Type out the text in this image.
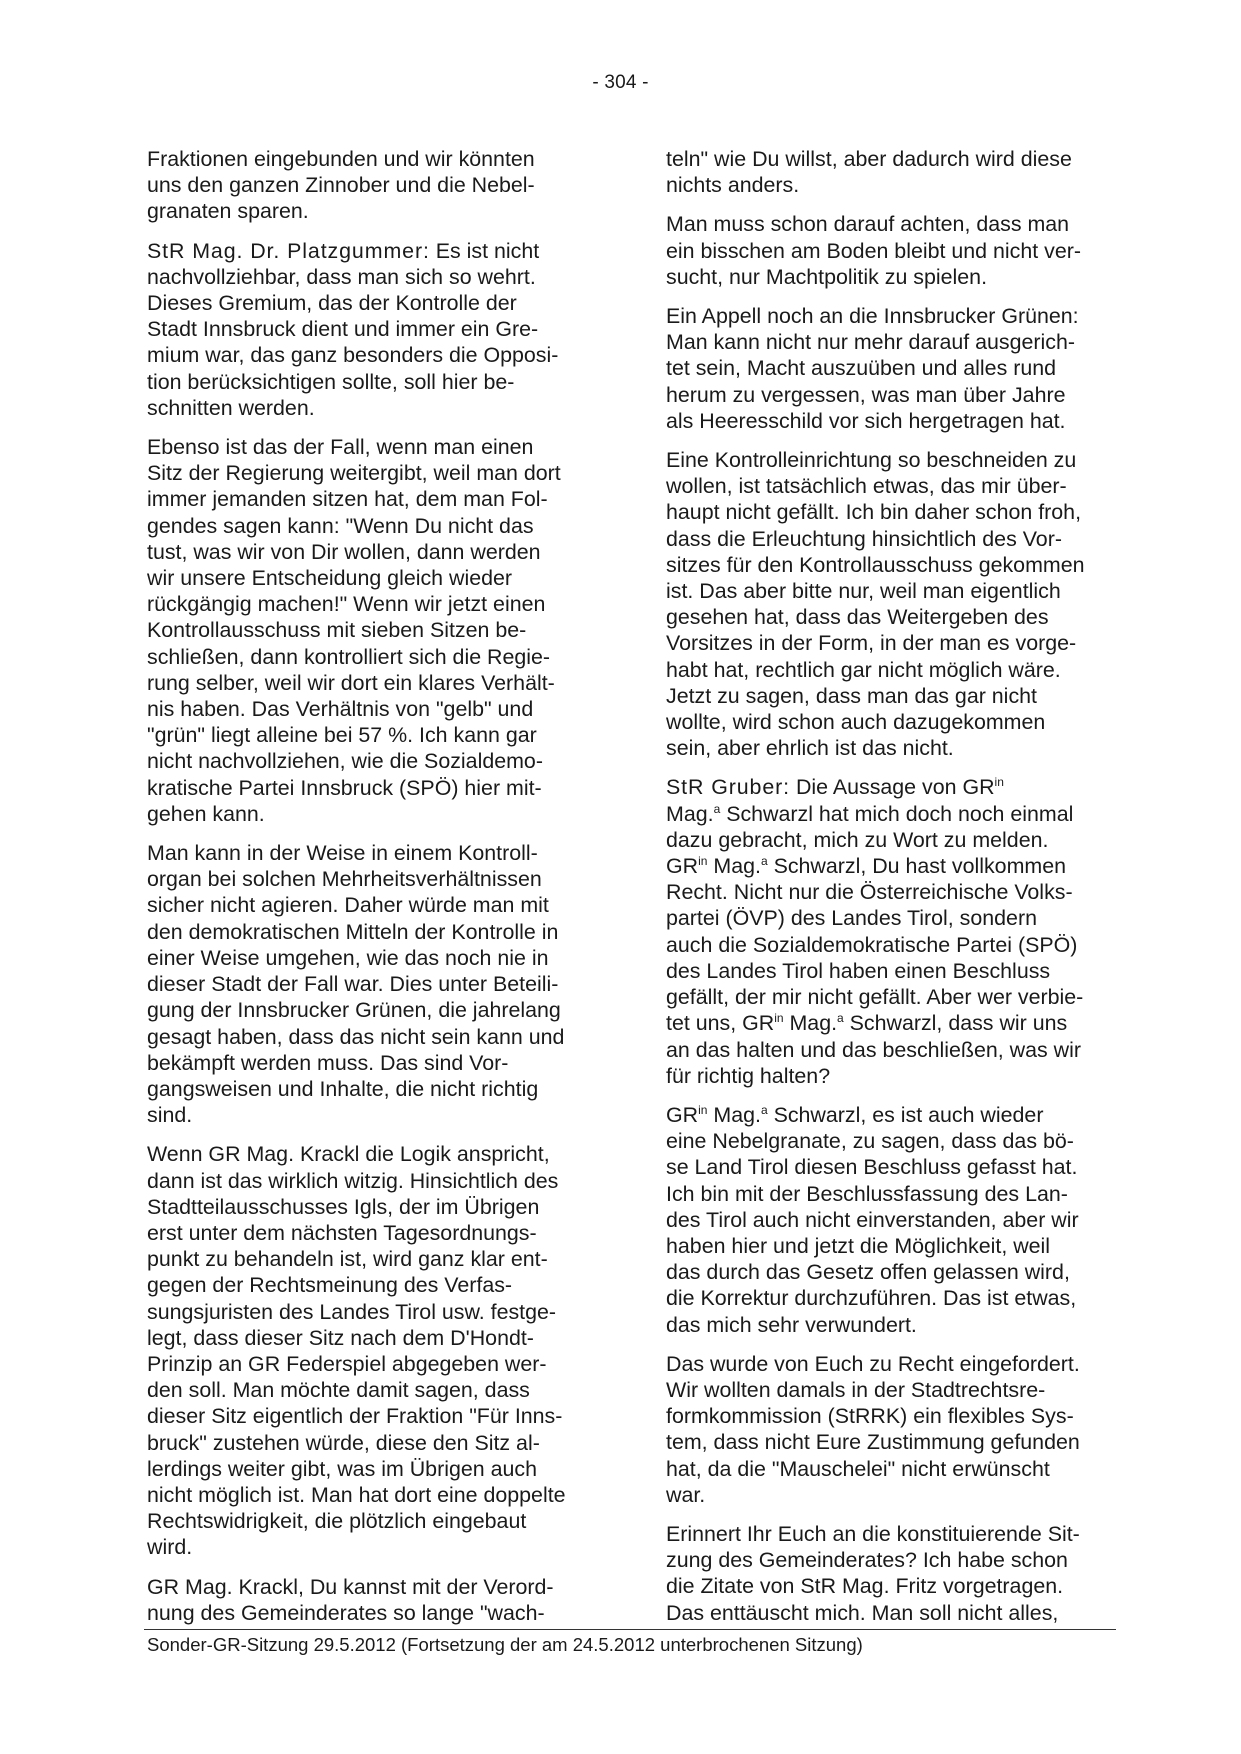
- 304 -

Fraktionen eingebunden und wir könnten
uns den ganzen Zinnober und die Nebel-
granaten sparen.

StR Mag. Dr. Platzgummer: Es ist nicht
nachvollziehbar, dass man sich so wehrt.
Dieses Gremium, das der Kontrolle der
Stadt Innsbruck dient und immer ein Gre-
mium war, das ganz besonders die Opposi-
tion berücksichtigen sollte, soll hier be-
schnitten werden.

Ebenso ist das der Fall, wenn man einen
Sitz der Regierung weitergibt, weil man dort
immer jemanden sitzen hat, dem man Fol-
gendes sagen kann: "Wenn Du nicht das
tust, was wir von Dir wollen, dann werden
wir unsere Entscheidung gleich wieder
rückgängig machen!" Wenn wir jetzt einen
Kontrollausschuss mit sieben Sitzen be-
schließen, dann kontrolliert sich die Regie-
rung selber, weil wir dort ein klares Verhält-
nis haben. Das Verhältnis von "gelb" und
"grün" liegt alleine bei 57 %. Ich kann gar
nicht nachvollziehen, wie die Sozialdemo-
kratische Partei Innsbruck (SPÖ) hier mit-
gehen kann.

Man kann in der Weise in einem Kontroll-
organ bei solchen Mehrheitsverhältnissen
sicher nicht agieren. Daher würde man mit
den demokratischen Mitteln der Kontrolle in
einer Weise umgehen, wie das noch nie in
dieser Stadt der Fall war. Dies unter Beteili-
gung der Innsbrucker Grünen, die jahrelang
gesagt haben, dass das nicht sein kann und
bekämpft werden muss. Das sind Vor-
gangsweisen und Inhalte, die nicht richtig
sind.

Wenn GR Mag. Krackl die Logik anspricht,
dann ist das wirklich witzig. Hinsichtlich des
Stadtteilausschusses Igls, der im Übrigen
erst unter dem nächsten Tagesordnungs-
punkt zu behandeln ist, wird ganz klar ent-
gegen der Rechtsmeinung des Verfas-
sungsjuristen des Landes Tirol usw. festge-
legt, dass dieser Sitz nach dem D'Hondt-
Prinzip an GR Federspiel abgegeben wer-
den soll. Man möchte damit sagen, dass
dieser Sitz eigentlich der Fraktion "Für Inns-
bruck" zustehen würde, diese den Sitz al-
lerdings weiter gibt, was im Übrigen auch
nicht möglich ist. Man hat dort eine doppelte
Rechtswidrigkeit, die plötzlich eingebaut
wird.

GR Mag. Krackl, Du kannst mit der Verord-
nung des Gemeinderates so lange "wach-

teln" wie Du willst, aber dadurch wird diese
nichts anders.

Man muss schon darauf achten, dass man
ein bisschen am Boden bleibt und nicht ver-
sucht, nur Machtpolitik zu spielen.

Ein Appell noch an die Innsbrucker Grünen:
Man kann nicht nur mehr darauf ausgerich-
tet sein, Macht auszuüben und alles rund
herum zu vergessen, was man über Jahre
als Heeresschild vor sich hergetragen hat.

Eine Kontrolleinrichtung so beschneiden zu
wollen, ist tatsächlich etwas, das mir über-
haupt nicht gefällt. Ich bin daher schon froh,
dass die Erleuchtung hinsichtlich des Vor-
sitzes für den Kontrollausschuss gekommen
ist. Das aber bitte nur, weil man eigentlich
gesehen hat, dass das Weitergeben des
Vorsitzes in der Form, in der man es vorge-
habt hat, rechtlich gar nicht möglich wäre.
Jetzt zu sagen, dass man das gar nicht
wollte, wird schon auch dazugekommen
sein, aber ehrlich ist das nicht.

StR Gruber: Die Aussage von $GR^{in}$
Mag.$^a$ Schwarzl hat mich doch noch einmal
dazu gebracht, mich zu Wort zu melden.
$GR^{in}$ Mag.$^a$ Schwarzl, Du hast vollkommen
Recht. Nicht nur die Österreichische Volks-
partei (ÖVP) des Landes Tirol, sondern
auch die Sozialdemokratische Partei (SPÖ)
des Landes Tirol haben einen Beschluss
gefällt, der mir nicht gefällt. Aber wer verbie-
tet uns, $GR^{in}$ Mag.$^a$ Schwarzl, dass wir uns
an das halten und das beschließen, was wir
für richtig halten?

$GR^{in}$ Mag.$^a$ Schwarzl, es ist auch wieder
eine Nebelgranate, zu sagen, dass das bö-
se Land Tirol diesen Beschluss gefasst hat.
Ich bin mit der Beschlussfassung des Lan-
des Tirol auch nicht einverstanden, aber wir
haben hier und jetzt die Möglichkeit, weil
das durch das Gesetz offen gelassen wird,
die Korrektur durchzuführen. Das ist etwas,
das mich sehr verwundert.

Das wurde von Euch zu Recht eingefordert.
Wir wollten damals in der Stadtrechtsre-
formkommission (StRRK) ein flexibles Sys-
tem, dass nicht Eure Zustimmung gefunden
hat, da die "Mauschelei" nicht erwünscht
war.

Erinnert Ihr Euch an die konstituierende Sit-
zung des Gemeinderates? Ich habe schon
die Zitate von StR Mag. Fritz vorgetragen.
Das enttäuscht mich. Man soll nicht alles,

Sonder-GR-Sitzung 29.5.2012 (Fortsetzung der am 24.5.2012 unterbrochenen Sitzung)
